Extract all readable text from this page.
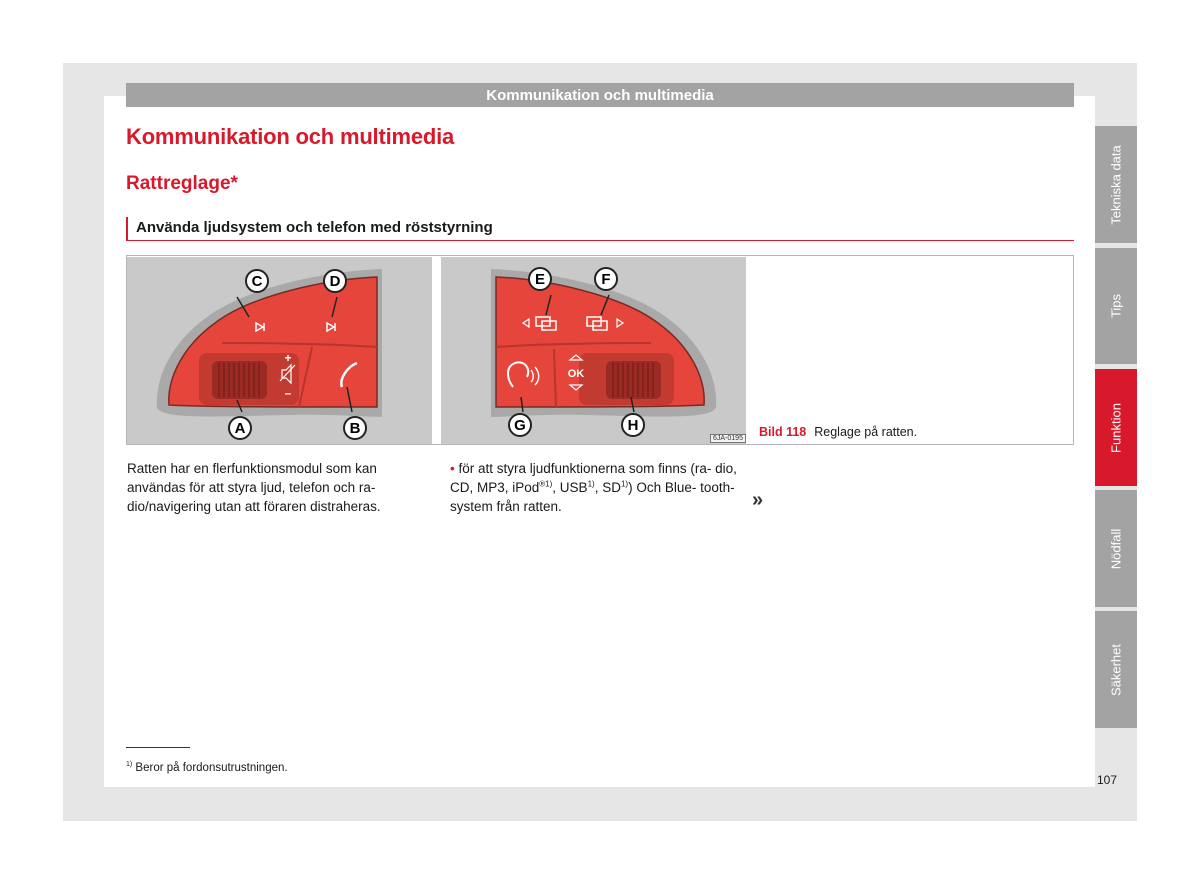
Kommunikation och multimedia
Kommunikation och multimedia
Rattreglage*
Använda ljudsystem och telefon med röststyrning
C	D
A	B
+
–
E	F
G	H
OK
6JA-0195 Bild 118 Reglage på ratten.
Ratten har en flerfunktionsmodul som kan användas för att styra ljud, telefon och ra- dio/navigering utan att föraren distraheras.
• för att styra ljudfunktionerna som finns (ra- dio, CD, MP3, iPod$^{®1)}$, USB$^{1)}$, SD$^{1)}$) Och Blue- tooth-system från ratten.	»
$^{1)}$ Beror på fordonsutrustningen.
Tekniska data
Tips
Funktion
Nödfall
Säkerhet
107
